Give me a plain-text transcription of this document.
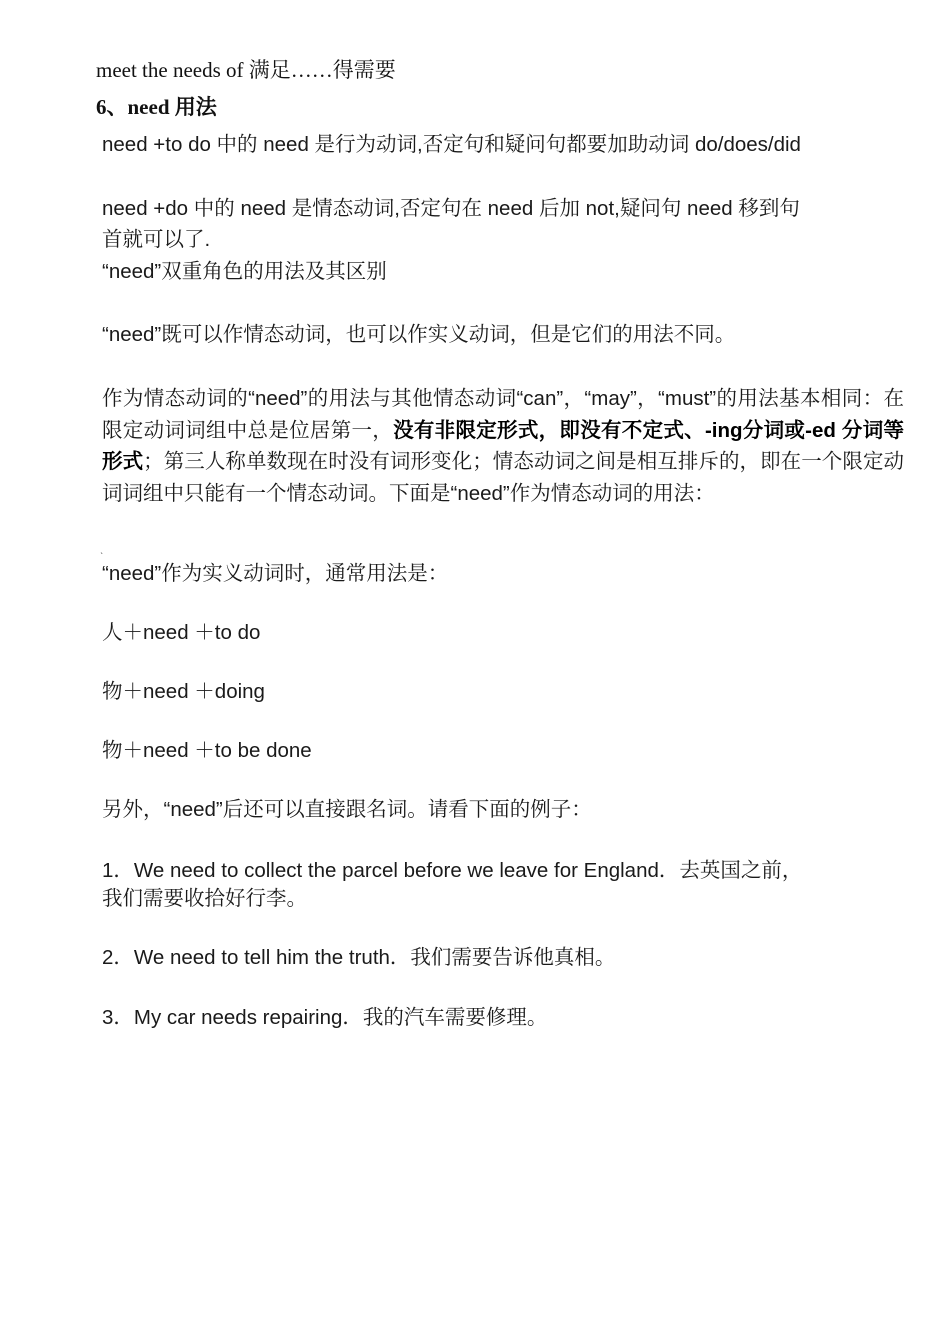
meet the needs of 满足……得需要
6、need 用法
need +to do 中的 need 是行为动词,否定句和疑问句都要加助动词 do/does/did
need +do 中的 need 是情态动词,否定句在 need 后加 not,疑问句 need 移到句
首就可以了.
“need”双重角色的用法及其区别
“need”既可以作情态动词，也可以作实义动词，但是它们的用法不同。
作为情态动词的“need”的用法与其他情态动词“can”，“may”，“must”的用法基本相同：在限定动词词组中总是位居第一，没有非限定形式，即没有不定式、-ing分词或-ed 分词等形式；第三人称单数现在时没有词形变化；情态动词之间是相互排斥的，即在一个限定动词词组中只能有一个情态动词。下面是“need”作为情态动词的用法：
`
“need”作为实义动词时，通常用法是：
人＋need ＋to do
物＋need ＋doing
物＋need ＋to be done
另外，“need”后还可以直接跟名词。请看下面的例子：
1．We need to collect the parcel before we leave for England．去英国之前，
我们需要收拾好行李。
2．We need to tell him the truth．我们需要告诉他真相。
3．My car needs repairing．我的汽车需要修理。
